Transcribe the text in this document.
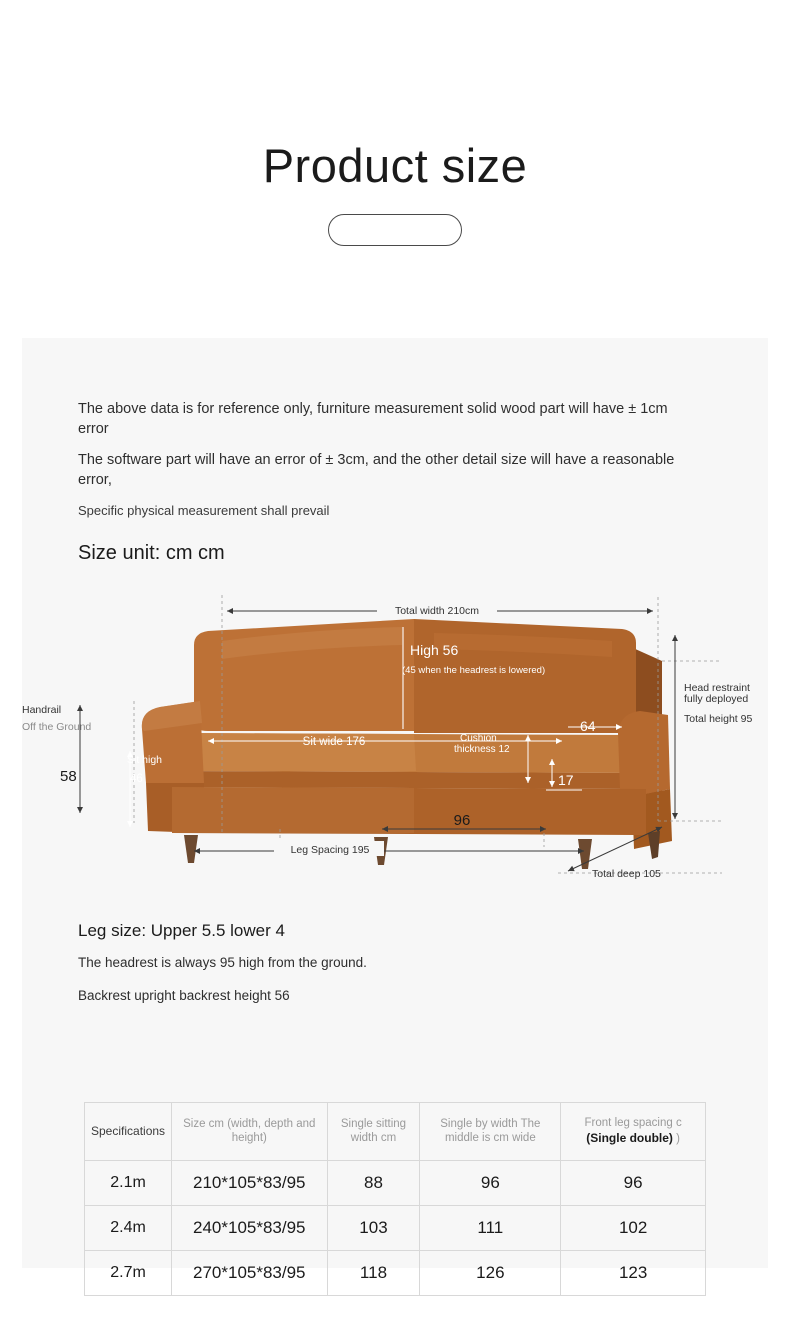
Product size
The above data is for reference only, furniture measurement solid wood part will have ± 1cm error
The software part will have an error of ± 3cm, and the other detail size will have a reasonable error,
Specific physical measurement shall prevail
Size unit: cm cm
Total width 210cm
Head restraint
fully deployed
Total height 95
High 56
(45 when the headrest is lowered)
Handrail
Off the Ground
58
Sit high
46
Sit wide 176	Cushion
thickness 12
64
17
96
Leg Spacing 195
Total deep 105
Leg size: Upper 5.5 lower 4
The headrest is always 95 high from the ground.
Backrest upright backrest height 56
Specifications	Size cm (width, depth and height)	Single sitting width cm	Single by width The middle is cm wide	Front leg spacing c (Single double) )
2.1m	210*105*83/95	88	96	96
2.4m	240*105*83/95	103	111	102
2.7m	270*105*83/95	118	126	123
